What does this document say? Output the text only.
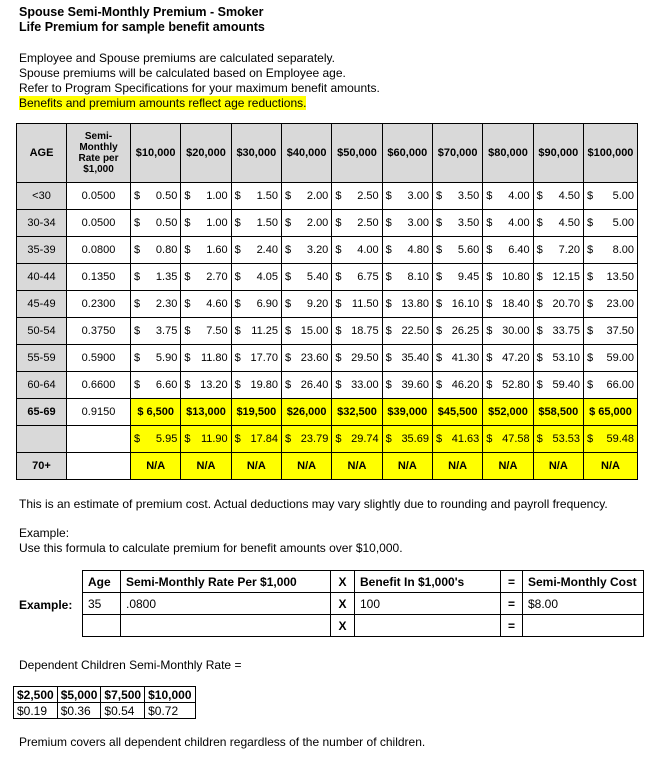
Spouse Semi-Monthly Premium - Smoker
Life Premium for sample benefit amounts
Employee and Spouse premiums are calculated separately.
Spouse premiums will be calculated based on Employee age.
Refer to Program Specifications for your maximum benefit amounts.
Benefits and premium amounts reflect age reductions.
AGE	Semi-
Monthly
Rate per
$1,000	$10,000	$20,000	$30,000	$40,000	$50,000	$60,000	$70,000	$80,000	$90,000	$100,000
<30	0.0500	$ 0.50	$ 1.00	$ 1.50	$ 2.00	$ 2.50	$ 3.00	$ 3.50	$ 4.00	$ 4.50	$ 5.00

30-34	0.0500	$ 0.50	$ 1.00	$ 1.50	$ 2.00	$ 2.50	$ 3.00	$ 3.50	$ 4.00	$ 4.50	$ 5.00

35-39	0.0800	$ 0.80	$ 1.60	$ 2.40	$ 3.20	$ 4.00	$ 4.80	$ 5.60	$ 6.40	$ 7.20	$ 8.00

40-44	0.1350	$ 1.35	$ 2.70	$ 4.05	$ 5.40	$ 6.75	$ 8.10	$ 9.45	$ 10.80	$ 12.15	$ 13.50

45-49	0.2300	$ 2.30	$ 4.60	$ 6.90	$ 9.20	$ 11.50	$ 13.80	$ 16.10	$ 18.40	$ 20.70	$ 23.00

50-54	0.3750	$ 3.75	$ 7.50	$ 11.25	$ 15.00	$ 18.75	$ 22.50	$ 26.25	$ 30.00	$ 33.75	$ 37.50

55-59	0.5900	$ 5.90	$ 11.80	$ 17.70	$ 23.60	$ 29.50	$ 35.40	$ 41.30	$ 47.20	$ 53.10	$ 59.00

60-64	0.6600	$ 6.60	$ 13.20	$ 19.80	$ 26.40	$ 33.00	$ 39.60	$ 46.20	$ 52.80	$ 59.40	$ 66.00

65-69	0.9150	$ 6,500	$13,000	$19,500	$26,000	$32,500	$39,000	$45,500	$52,000	$58,500	$ 65,000

		$ 5.95	$ 11.90	$ 17.84	$ 23.79	$ 29.74	$ 35.69	$ 41.63	$ 47.58	$ 53.53	$ 59.48

70+		N/A	N/A	N/A	N/A	N/A	N/A	N/A	N/A	N/A	N/A
This is an estimate of premium cost. Actual deductions may vary slightly due to rounding and payroll frequency.
Example:
Use this formula to calculate premium for benefit amounts over $10,000.
Example:
Age	Semi-Monthly Rate Per $1,000	X	Benefit In $1,000's	=	Semi-Monthly Cost
35	.0800	X	100	=	$8.00
		X		=	
Dependent Children Semi-Monthly Rate =
$2,500	$5,000	$7,500	$10,000
$0.19	$0.36	$0.54	$0.72
Premium covers all dependent children regardless of the number of children.
